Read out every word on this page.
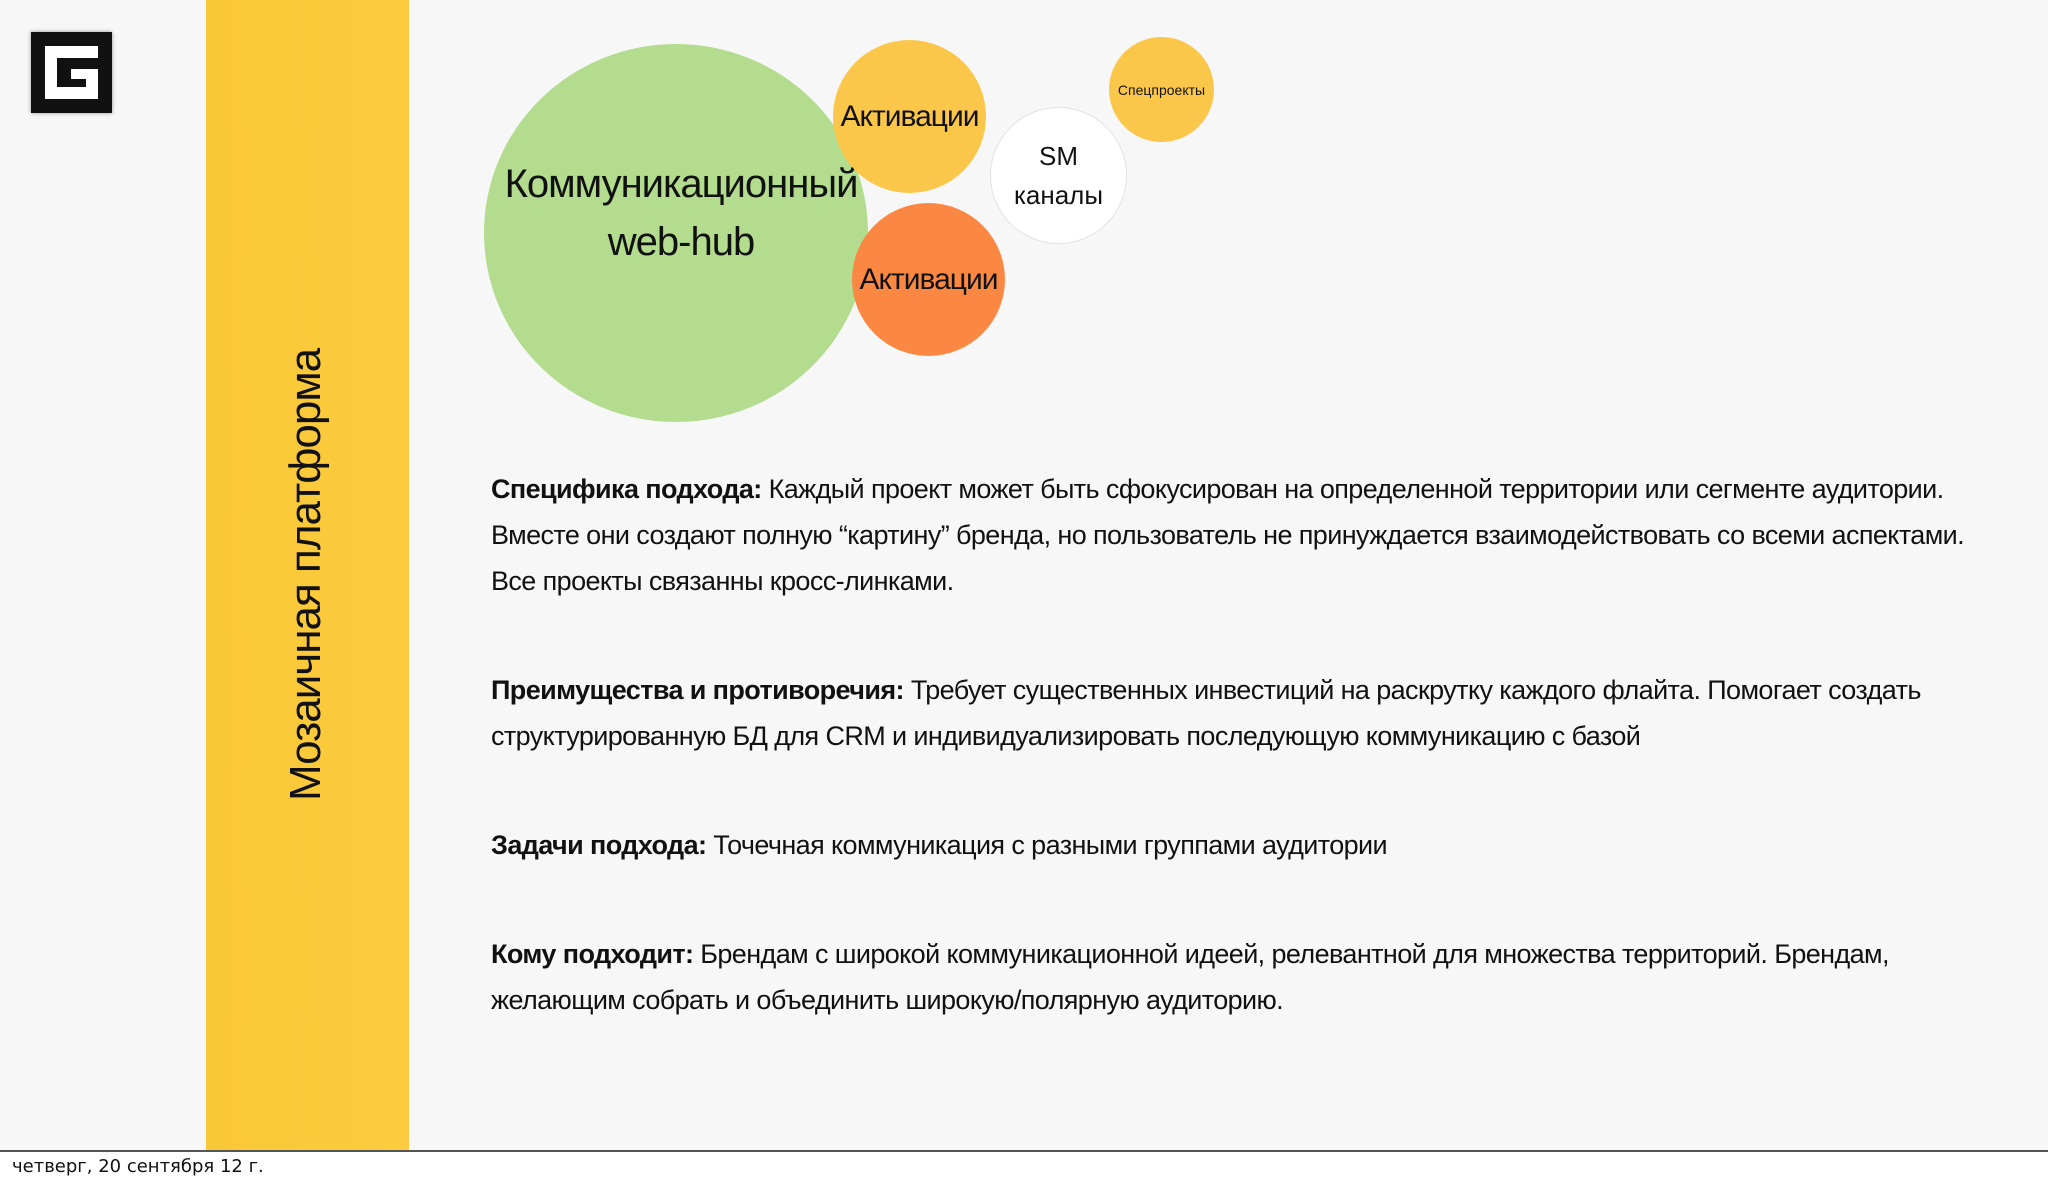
Мозаичная платформа
Коммуникационный
web-hub
Активации
Активации
SM
каналы
Спецпроекты
Специфика подхода: Каждый проект может быть сфокусирован на определенной территории или сегменте аудитории. Вместе они создают полную “картину” бренда, но пользователь не принуждается взаимодействовать со всеми аспектами. Все проекты связанны кросс-линками.
Преимущества и противоречия: Требует существенных инвестиций на раскрутку каждого флайта. Помогает создать структурированную БД для CRM и индивидуализировать последующую коммуникацию с базой
Задачи подхода: Точечная коммуникация с разными группами аудитории
Кому подходит: Брендам с широкой коммуникационной идеей, релевантной для множества территорий. Брендам, желающим собрать и объединить широкую/полярную аудиторию.
четверг, 20 сентября 12 г.
